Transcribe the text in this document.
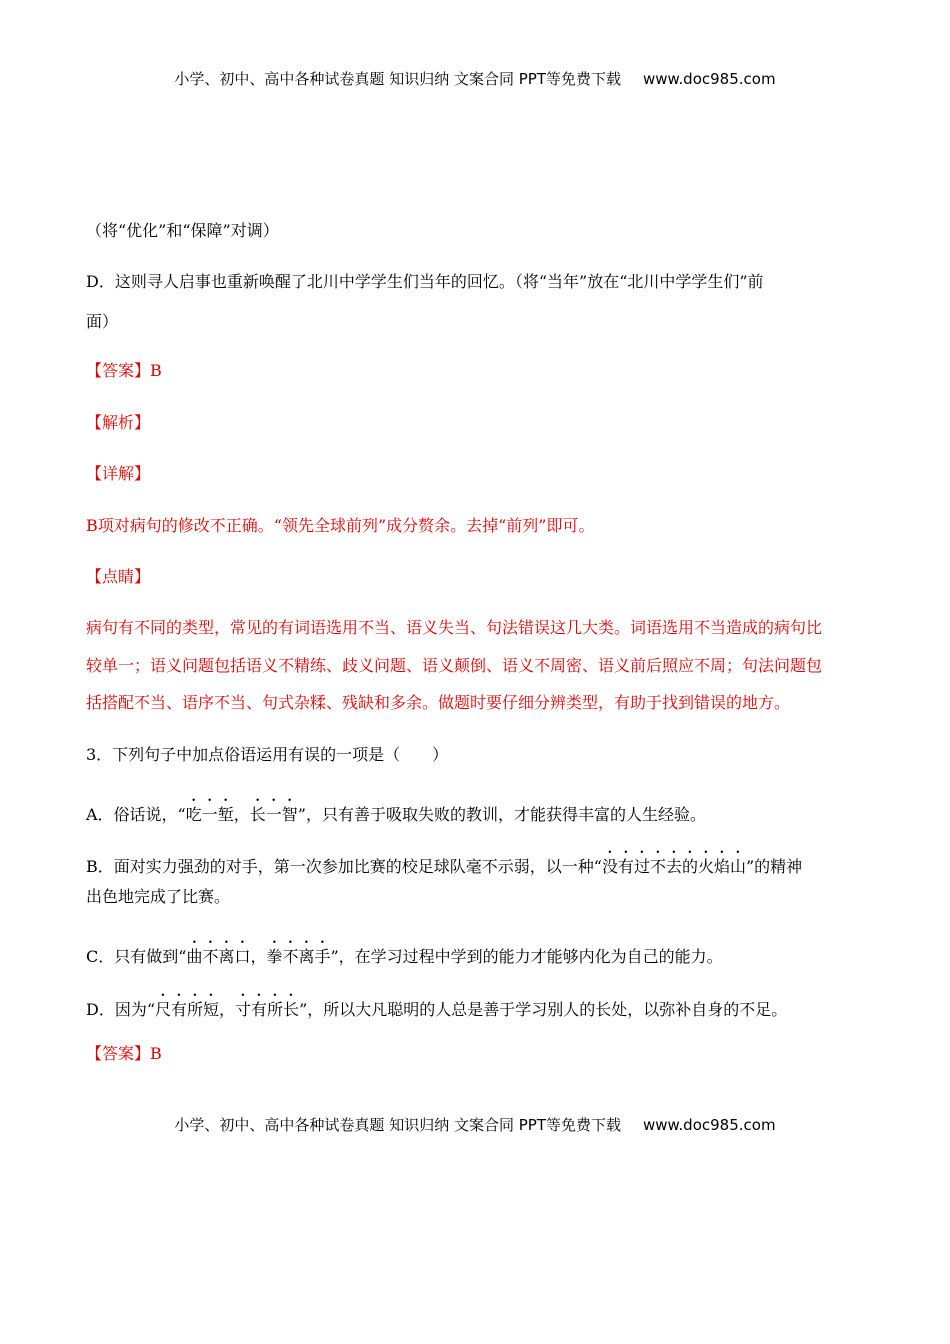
小学、初中、高中各种试卷真题 知识归纳 文案合同 PPT等免费下载 www.doc985.com
（将“优化”和“保障”对调）
D．这则寻人启事也重新唤醒了北川中学学生们当年的回忆。（将“当年”放在“北川中学学生们”前
面）
【答案】B
【解析】
【详解】
B项对病句的修改不正确。“领先全球前列”成分赘余。去掉“前列”即可。
【点睛】
病句有不同的类型，常见的有词语选用不当、语义失当、句法错误这几大类。词语选用不当造成的病句比
较单一；语义问题包括语义不精练、歧义问题、语义颠倒、语义不周密、语义前后照应不周；句法问题包
括搭配不当、语序不当、句式杂糅、残缺和多余。做题时要仔细分辨类型，有助于找到错误的地方。
3．下列句子中加点俗语运用有误的一项是（　　）
A．俗话说，“吃一堑，长一智”，只有善于吸取失败的教训，才能获得丰富的人生经验。
B．面对实力强劲的对手，第一次参加比赛的校足球队毫不示弱，以一种“没有过不去的火焰山”的精神
出色地完成了比赛。
C．只有做到“曲不离口，拳不离手”，在学习过程中学到的能力才能够内化为自己的能力。
D．因为“尺有所短，寸有所长”，所以大凡聪明的人总是善于学习别人的长处，以弥补自身的不足。
【答案】B
小学、初中、高中各种试卷真题 知识归纳 文案合同 PPT等免费下载 www.doc985.com
